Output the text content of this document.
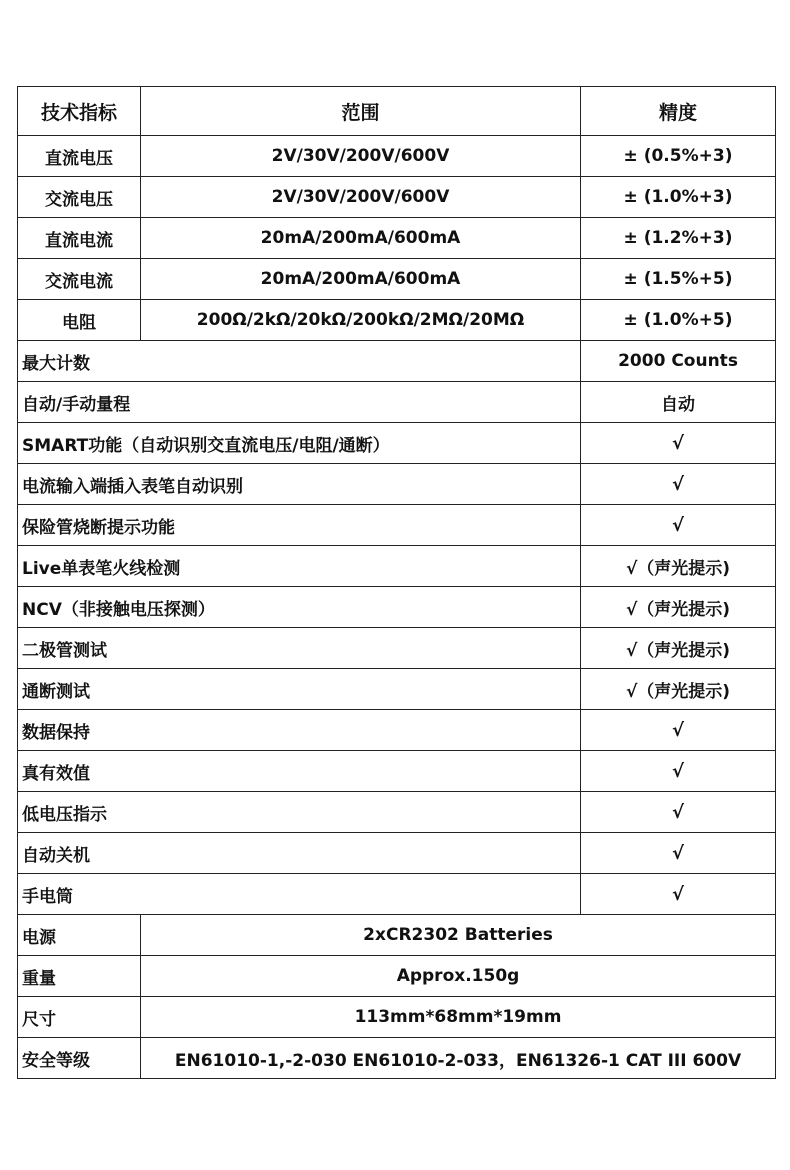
技术指标	范围	精度
直流电压	2V/30V/200V/600V	± (0.5%+3)
交流电压	2V/30V/200V/600V	± (1.0%+3)
直流电流	20mA/200mA/600mA	± (1.2%+3)
交流电流	20mA/200mA/600mA	± (1.5%+5)
电阻	200Ω/2kΩ/20kΩ/200kΩ/2MΩ/20MΩ	± (1.0%+5)
最大计数		2000 Counts
自动/手动量程		自动
SMART功能（自动识别交直流电压/电阻/通断）		√
电流输入端插入表笔自动识别		√
保险管烧断提示功能		√
Live单表笔火线检测		√（声光提示)
NCV（非接触电压探测）		√（声光提示)
二极管测试		√（声光提示)
通断测试		√（声光提示)
数据保持		√
真有效值		√
低电压指示		√
自动关机		√
手电筒		√
电源	2xCR2302 Batteries	
重量	Approx.150g	
尺寸	113mm*68mm*19mm	
安全等级	EN61010-1,-2-030 EN61010-2-033，EN61326-1 CAT III 600V	
